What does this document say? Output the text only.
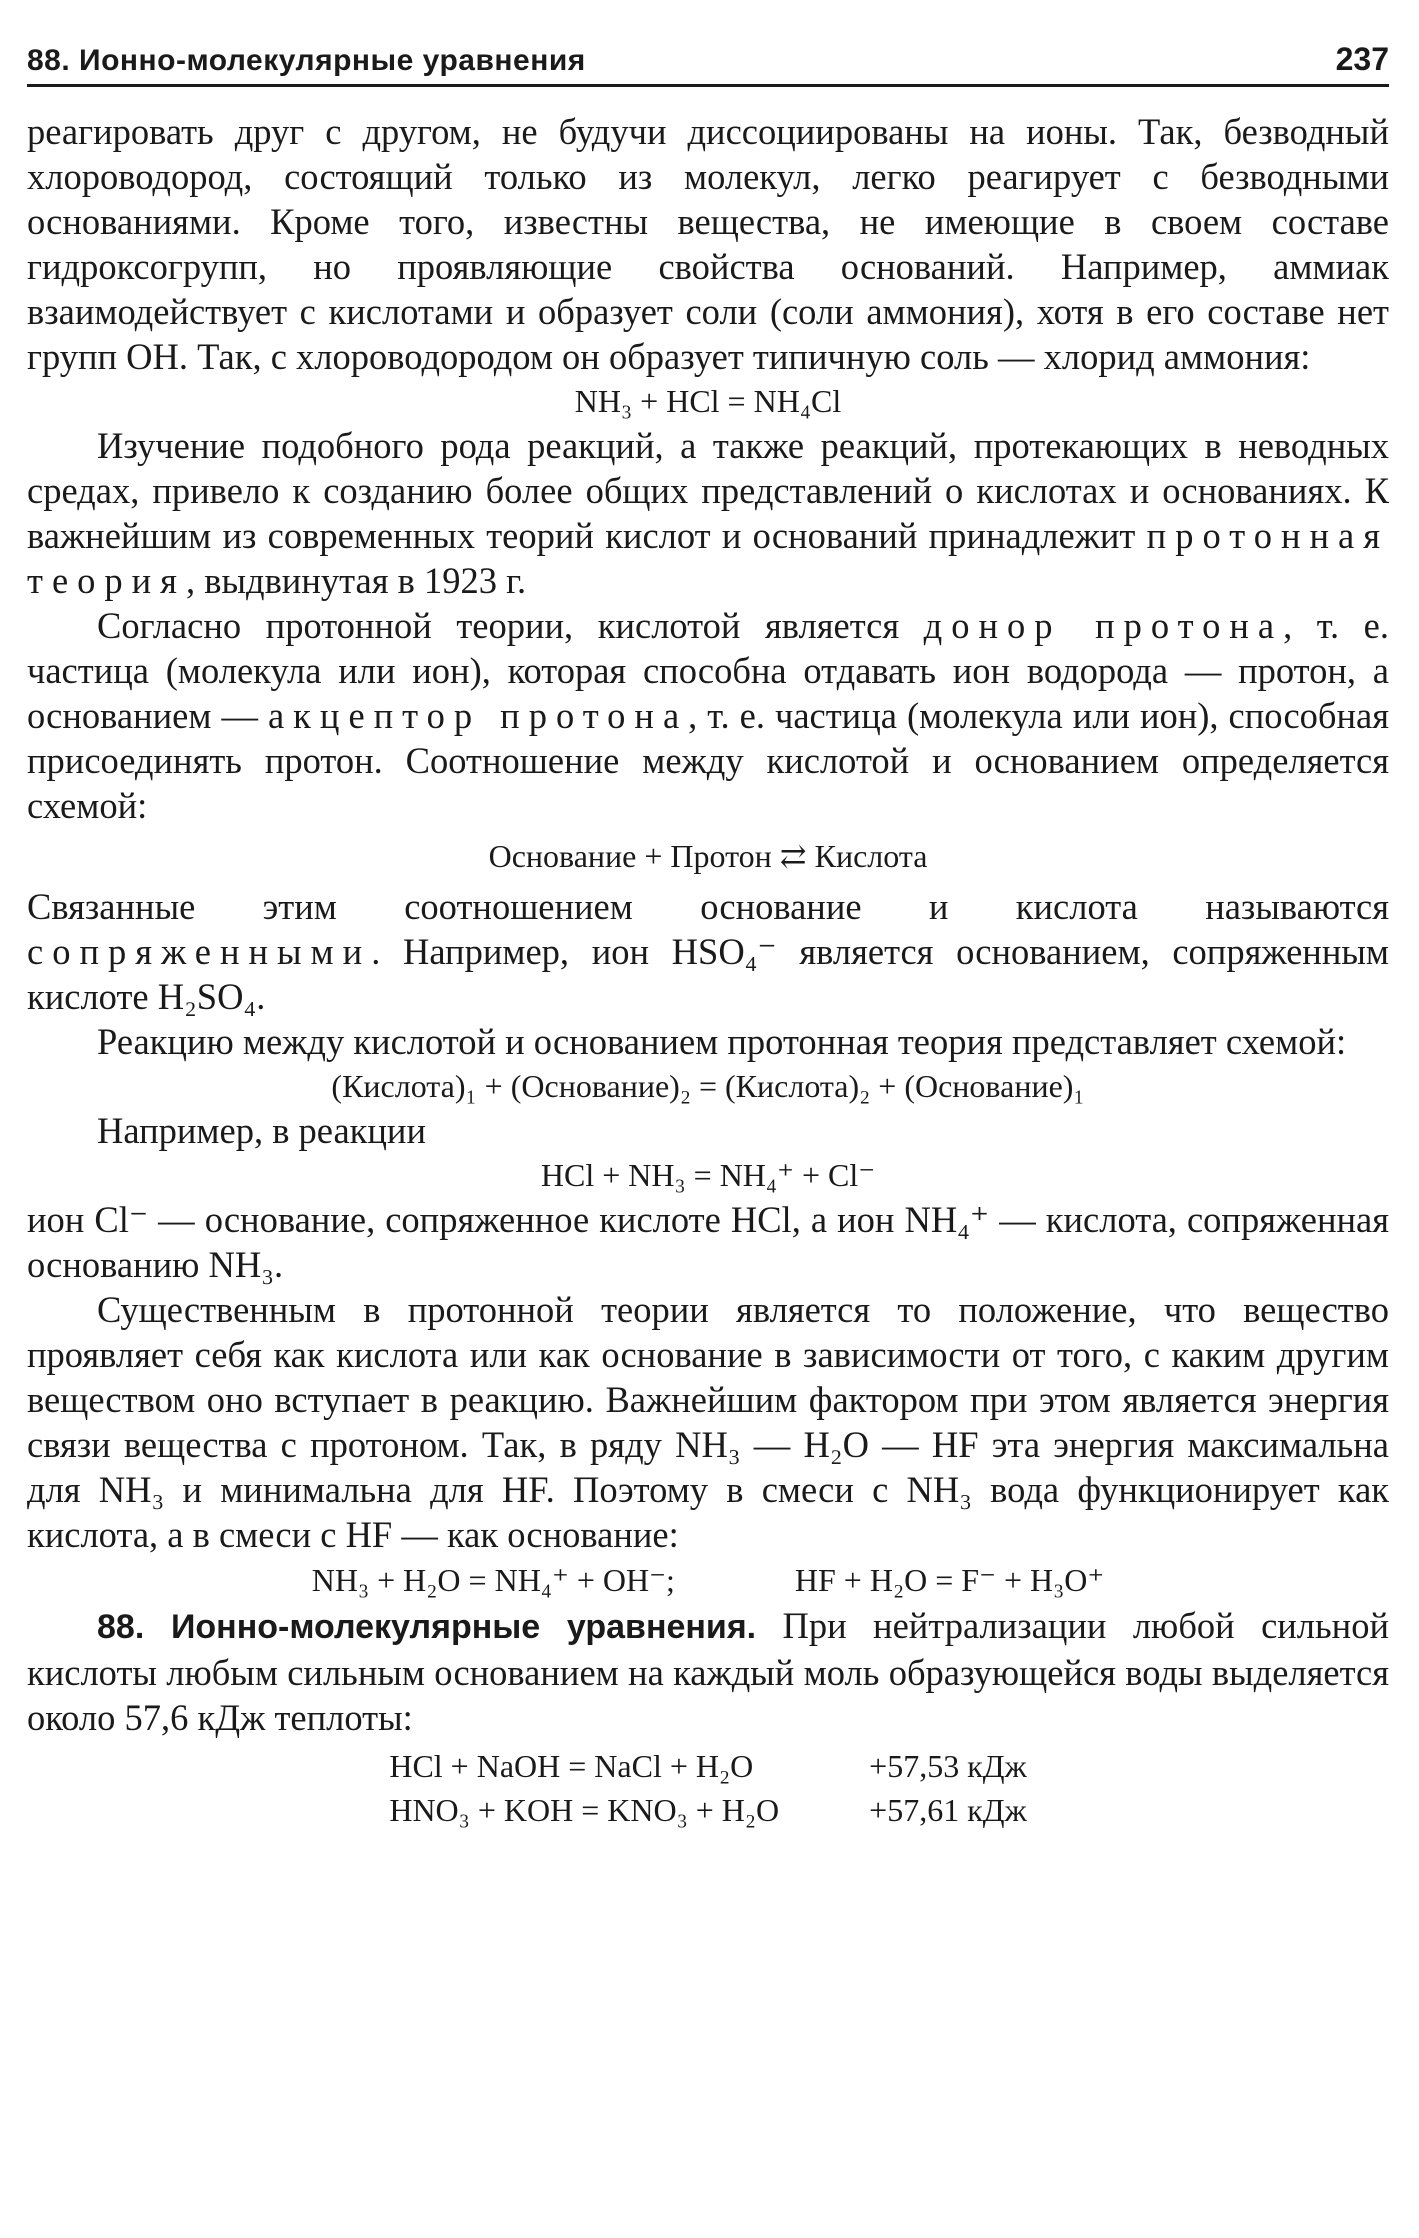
88. Ионно-молекулярные уравнения	237

реагировать друг с другом, не будучи диссоциированы на ионы. Так, безводный хлороводород, состоящий только из молекул, легко реагирует с безводными основаниями. Кроме того, известны вещества, не имеющие в своем составе гидроксогрупп, но проявляющие свойства оснований. Например, аммиак взаимодействует с кислотами и образует соли (соли аммония), хотя в его составе нет групп ОН. Так, с хлороводородом он образует типичную соль — хлорид аммония:

NH₃ + HCl = NH₄Cl

Изучение подобного рода реакций, а также реакций, протекающих в неводных средах, привело к созданию более общих представлений о кислотах и основаниях. К важнейшим из современных теорий кислот и оснований принадлежит протонная теория, выдвинутая в 1923 г.

Согласно протонной теории, кислотой является донор протона, т. е. частица (молекула или ион), которая способна отдавать ион водорода — протон, а основанием — акцептор протона, т. е. частица (молекула или ион), способная присоединять протон. Соотношение между кислотой и основанием определяется схемой:

Основание + Протон ⇄ Кислота

Связанные этим соотношением основание и кислота называются сопряженными. Например, ион HSO₄⁻ является основанием, сопряженным кислоте H₂SO₄.

Реакцию между кислотой и основанием протонная теория представляет схемой:

(Кислота)₁ + (Основание)₂ = (Кислота)₂ + (Основание)₁

Например, в реакции

HCl + NH₃ = NH₄⁺ + Cl⁻

ион Cl⁻ — основание, сопряженное кислоте HCl, а ион NH₄⁺ — кислота, сопряженная основанию NH₃.

Существенным в протонной теории является то положение, что вещество проявляет себя как кислота или как основание в зависимости от того, с каким другим веществом оно вступает в реакцию. Важнейшим фактором при этом является энергия связи вещества с протоном. Так, в ряду NH₃ — H₂O — HF эта энергия максимальна для NH₃ и минимальна для HF. Поэтому в смеси с NH₃ вода функционирует как кислота, а в смеси с HF — как основание:

NH₃ + H₂O = NH₄⁺ + OH⁻;	HF + H₂O = F⁻ + H₃O⁺

88. Ионно-молекулярные уравнения. При нейтрализации любой сильной кислоты любым сильным основанием на каждый моль образующейся воды выделяется около 57,6 кДж теплоты:

HCl + NaOH = NaCl + H₂O	+57,53 кДж
HNO₃ + KOH = KNO₃ + H₂O	+57,61 кДж
